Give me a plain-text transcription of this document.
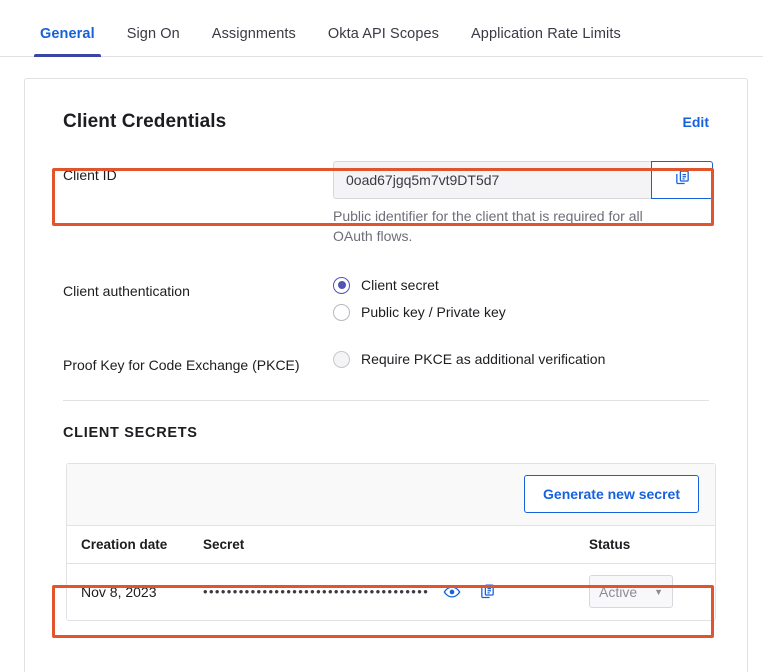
General	Sign On	Assignments	Okta API Scopes	Application Rate Limits
Client Credentials	Edit
Client ID	0oad67jgq5m7vt9DT5d7
Public identifier for the client that is required for all OAuth flows.
Client authentication	Client secret
Public key / Private key
Proof Key for Code Exchange (PKCE)	Require PKCE as additional verification
CLIENT SECRETS
Generate new secret
Creation date	Secret	Status
Nov 8, 2023	••••••••••••••••••••••••••••••••••••••	Active ▼
